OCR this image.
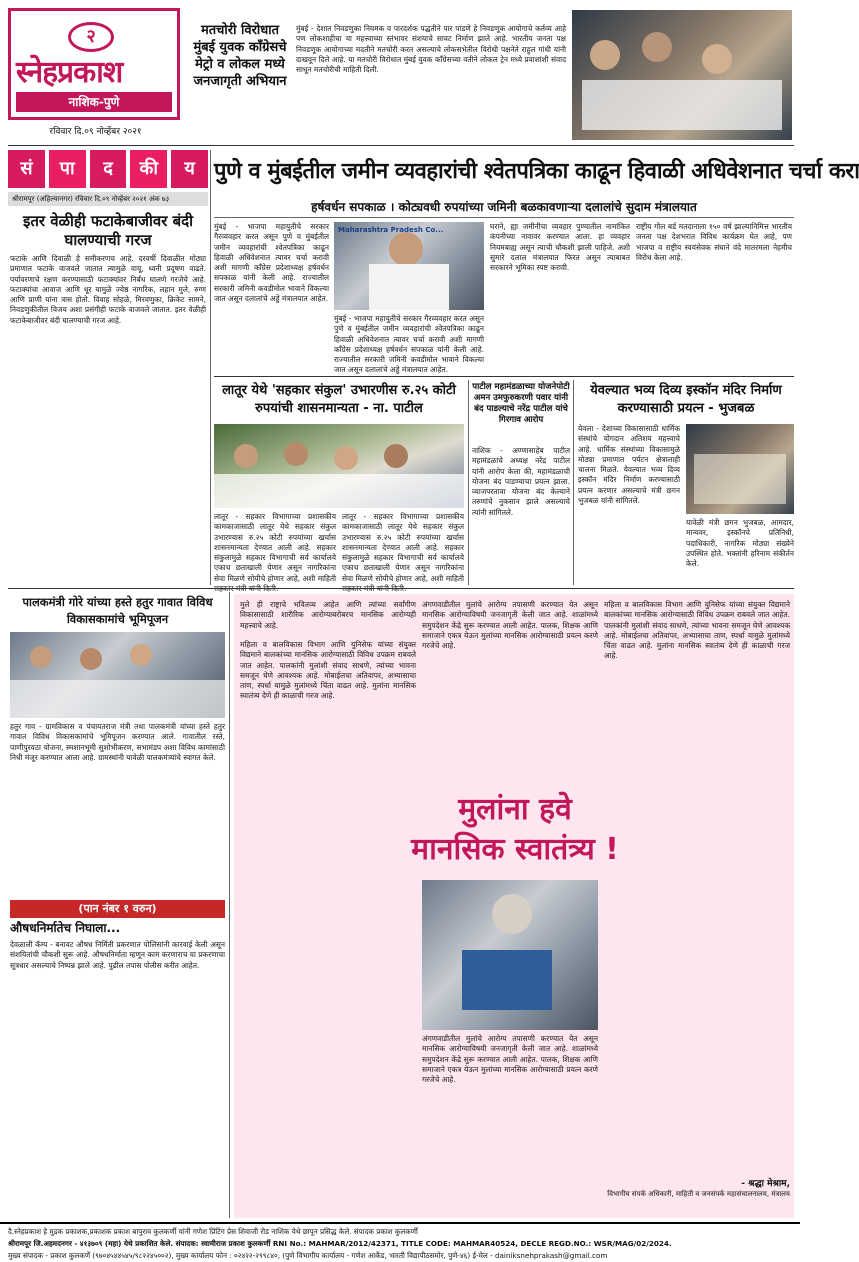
२
स्नेहप्रकाश
नाशिक-पुणे
रविवार दि.०९ नोव्हेंबर २०२१
मतचोरी विरोधात मुंबई युवक काँग्रेसचे मेट्रो व लोकल मध्ये जनजागृती अभियान
मुंबई - देशात निवडणुका नियमक व पारदर्शक पद्धतीने पार पाडणे हे निवडणूक आयोगाचे कर्तव्य आहे पण लोकशाहीचा या महत्त्वाच्या स्तंभावर संशयाचे सावट निर्माण झाले आहे. भारतीय जनता पक्ष निवडणूक आयोगाच्या मदतीने मतचोरी करत असल्याचे लोकसभेतील विरोधी पक्षनेते राहुल गांधी यांनी दाखवून दिले आहे. या मतचोरी विरोधात मुंबई युवक काँग्रेसच्या वतीने लोकल ट्रेन मध्ये प्रवाशांशी संवाद साधून मतचोरीची माहिती दिली.
सं	पा	द	की	य
श्रीरामपूर (अहिल्यानगर) रविवार दि.०९ नोव्हेंबर २०२१ अंक ७३
इतर वेळीही फटाकेबाजीवर बंदी घालण्याची गरज
फटाके आणि दिवाळी हे समीकरणच आहे. दरवर्षी दिवाळीत मोठ्या प्रमाणात फटाके वाजवले जातात त्यामुळे वायू, ध्वनी प्रदूषण वाढते. पर्यावरणाचे रक्षण करण्यासाठी फटाक्यांवर निर्बंध घालणे गरजेचे आहे. फटाक्यांचा आवाज आणि धूर यामुळे ज्येष्ठ नागरिक, लहान मुले, रुग्ण आणि प्राणी यांना त्रास होतो. विवाह सोहळे, मिरवणुका, क्रिकेट सामने, निवडणुकीतील विजय अशा प्रसंगीही फटाके वाजवले जातात. इतर वेळीही फटाकेबाजीवर बंदी घालण्याची गरज आहे.
पुणे व मुंबईतील जमीन व्यवहारांची श्वेतपत्रिका काढून हिवाळी अधिवेशनात चर्चा करा
हर्षवर्धन सपकाळ । कोट्यवधी रुपयांच्या जमिनी बळकावणाऱ्या दलालांचे सुदाम मंत्रालयात
मुंबई - भाजपा महायुतीचे सरकार गैरव्यवहार करत असून पुणे व मुंबईतील जमीन व्यवहारांची श्वेतपत्रिका काढून हिवाळी अधिवेशनात त्यावर चर्चा करावी अशी मागणी काँग्रेस प्रदेशाध्यक्ष हर्षवर्धन सपकाळ यांनी केली आहे. राज्यातील सरकारी जमिनी कवडीमोल भावाने विकल्या जात असून दलालांचे अड्डे मंत्रालयात आहेत.
Maharashtra Pradesh Co...
मुंबई - भाजपा महायुतीचे सरकार गैरव्यवहार करत असून पुणे व मुंबईतील जमीन व्यवहारांची श्वेतपत्रिका काढून हिवाळी अधिवेशनात त्यावर चर्चा करावी अशी मागणी काँग्रेस प्रदेशाध्यक्ष हर्षवर्धन सपकाळ यांनी केली आहे. राज्यातील सरकारी जमिनी कवडीमोल भावाने विकल्या जात असून दलालांचे अड्डे मंत्रालयात आहेत.
घराने, ह्या जमीनीचा व्यवहार पुण्यातील नामांकित कंपनीच्या नावावर करण्यात आला. हा व्यवहार नियमबाह्य असून त्याची चौकशी झाली पाहिजे. अशी सुमारे दलाल मंत्रालयात फिरत असून त्याबाबत सरकारने भूमिका स्पष्ट करावी.
राष्ट्रीय गोल बर्ड मतदानाला १५० वर्ष झाल्यानिमित्त भारतीय जनता पक्ष देशभरात विविध कार्यक्रम घेत आहे, पण भाजपा व राष्ट्रीय स्वयंसेवक संघाने वंदे मातरमला नेहमीच विरोध केला आहे.
लातूर येथे 'सहकार संकुल' उभारणीस रु.२५ कोटी रुपयांची शासनमान्यता - ना. पाटील
लातूर - सहकार विभागाच्या प्रशासकीय कामकाजासाठी लातूर येथे सहकार संकुल उभारण्यास रु.२५ कोटी रुपयांच्या खर्चास शासनमान्यता देण्यात आली आहे. सहकार संकुलामुळे सहकार विभागाची सर्व कार्यालये एकाच छताखाली येणार असून नागरिकांना सेवा मिळणे सोयीचे होणार आहे, अशी माहिती
लातूर - सहकार विभागाच्या प्रशासकीय कामकाजासाठी लातूर येथे सहकार संकुल उभारण्यास रु.२५ कोटी रुपयांच्या खर्चास शासनमान्यता देण्यात आली आहे. सहकार संकुलामुळे सहकार विभागाची सर्व कार्यालये एकाच छताखाली येणार असून नागरिकांना सेवा मिळणे सोयीचे होणार आहे, अशी माहिती
पाटील महामंडळाच्या योजनेपोटी अमन उमफुरुकरणी पवार यांनी बंद पाडल्याचे नरेंद्र पाटील यांचे गिरगाव आरोप
नाशिक - अण्णासाहेब पाटील महामंडळाचे अध्यक्ष नरेंद्र पाटील यांनी आरोप केला की, महामंडळाची योजना बंद पाडण्याचा प्रयत्न झाला. व्याजपरतावा योजना बंद केल्याने तरुणांचे नुकसान झाले असल्याचे त्यांनी सांगितले.
येवल्यात भव्य दिव्य इस्कॉन मंदिर निर्माण करण्यासाठी प्रयत्न - भुजबळ
येवला - देशाच्या विकासासाठी धार्मिक संस्थांचे योगदान अतिशय महत्त्वाचे आहे. धार्मिक संस्थांच्या विकासामुळे मोठ्या प्रमाणात पर्यटन क्षेत्रालाही चालना मिळते. येवल्यात भव्य दिव्य इस्कॉन मंदिर निर्माण करण्यासाठी प्रयत्न करणार असल्याचे मंत्री छगन भुजबळ यांनी सांगितले.
यावेळी मंत्री छगन भुजबळ, आमदार, मान्यवर, इस्कॉनचे प्रतिनिधी, पदाधिकारी, नागरिक मोठ्या संख्येने उपस्थित होते. भक्तांनी हरिनाम संकीर्तन केले.
पालकमंत्री गोरे यांच्या हस्ते हतुर गावात विविध विकासकामांचे भूमिपूजन
हतुर गाव - ग्रामविकास व पंचायतराज मंत्री तथा पालकमंत्री यांच्या हस्ते हतुर गावात विविध विकासकामांचे भूमिपूजन करण्यात आले. गावातील रस्ते, पाणीपुरवठा योजना, स्मशानभूमी सुशोभीकरण, सभामंडप अशा विविध कामांसाठी निधी मंजूर करण्यात आला आहे. ग्रामस्थांनी यावेळी पालकमंत्र्यांचे स्वागत केले.
(पान नंबर १ वरुन)
औषधनिर्मातेच निघाला...
देवळाली कॅम्प - बनावट औषध निर्मिती प्रकरणात पोलिसांनी कारवाई केली असून संशयितांची चौकशी सुरू आहे. औषधनिर्माता म्हणून काम करणाराच या प्रकरणाचा सूत्रधार असल्याचे निष्पन्न झाले आहे. पुढील तपास पोलीस करीत आहेत.
मुले ही राष्ट्राचे भवितव्य आहेत आणि त्यांच्या सर्वांगीण विकासासाठी शारीरिक आरोग्याबरोबरच मानसिक आरोग्यही महत्त्वाचे आहे.
महिला व बालविकास विभाग आणि युनिसेफ यांच्या संयुक्त विद्यमाने बालकांच्या मानसिक आरोग्यासाठी विविध उपक्रम राबवले जात आहेत. पालकांनी मुलांशी संवाद साधणे, त्यांच्या भावना समजून घेणे आवश्यक आहे. मोबाईलचा अतिवापर, अभ्यासाचा ताण, स्पर्धा यामुळे मुलांमध्ये चिंता वाढत आहे. मुलांना मानसिक स्वातंत्र्य देणे ही काळाची गरज आहे.
अंगणवाडीतील मुलांचे आरोग्य तपासणी करण्यात येत असून मानसिक आरोग्याविषयी जनजागृती केली जात आहे. शाळांमध्ये समुपदेशन केंद्रे सुरू करण्यात आली आहेत. पालक, शिक्षक आणि समाजाने एकत्र येऊन मुलांच्या मानसिक आरोग्यासाठी प्रयत्न करणे गरजेचे आहे.
मुलांना हवे मानसिक स्वातंत्र्य !
महिला व बालविकास विभाग आणि युनिसेफ यांच्या संयुक्त विद्यमाने बालकांच्या मानसिक आरोग्यासाठी विविध उपक्रम राबवले जात आहेत. पालकांनी मुलांशी संवाद साधणे, त्यांच्या भावना समजून घेणे आवश्यक आहे. मोबाईलचा अतिवापर, अभ्यासाचा ताण, स्पर्धा यामुळे मुलांमध्ये चिंता वाढत आहे. मुलांना मानसिक स्वातंत्र्य देणे ही काळाची गरज आहे.
अंगणवाडीतील मुलांचे आरोग्य तपासणी करण्यात येत असून मानसिक आरोग्याविषयी जनजागृती केली जात आहे. शाळांमध्ये समुपदेशन केंद्रे सुरू करण्यात आली आहेत. पालक, शिक्षक आणि समाजाने एकत्र येऊन मुलांच्या मानसिक आरोग्यासाठी प्रयत्न करणे गरजेचे आहे.
- श्रद्धा मेश्राम,
विभागीय संपर्क अधिकारी, माहिती व जनसंपर्क महासंचालनालय, मंत्रालय
दै.स्नेहप्रकाश हे मुद्रक प्रकाशक,प्रकाशक प्रकाश बापुराव कुलकर्णी यांनी गणेश प्रिंटिंग प्रेस शिवाजी रोड नाशिक येथे छापून प्रसिद्ध केले. संपादक प्रकाश कुलकर्णी
श्रीरामपूर जि.अहमदनगर - ४१३७०९ (महा) येथे प्रकाशित केले. संपादक: स्वामीराज प्रकाश कुलकर्णी RNI No.: MAHMAR/2012/42371, TITLE CODE: MAHMAR40524, DECLE REGD.NO.: WSR/MAG/02/2024.
मुख्य संपादक - प्रकाश कुलकर्णे (९७०४५४४५४५/९८२२४५००२), मुख्य कार्यालय फोन : ०२४२२-२९९८४०, (पुणे विभागीय कार्यालय - गणेश आर्केड, भारती विद्यापीठसमोर, पुणे-४६) ई-मेल - dainiksnehprakash@gmail.com
